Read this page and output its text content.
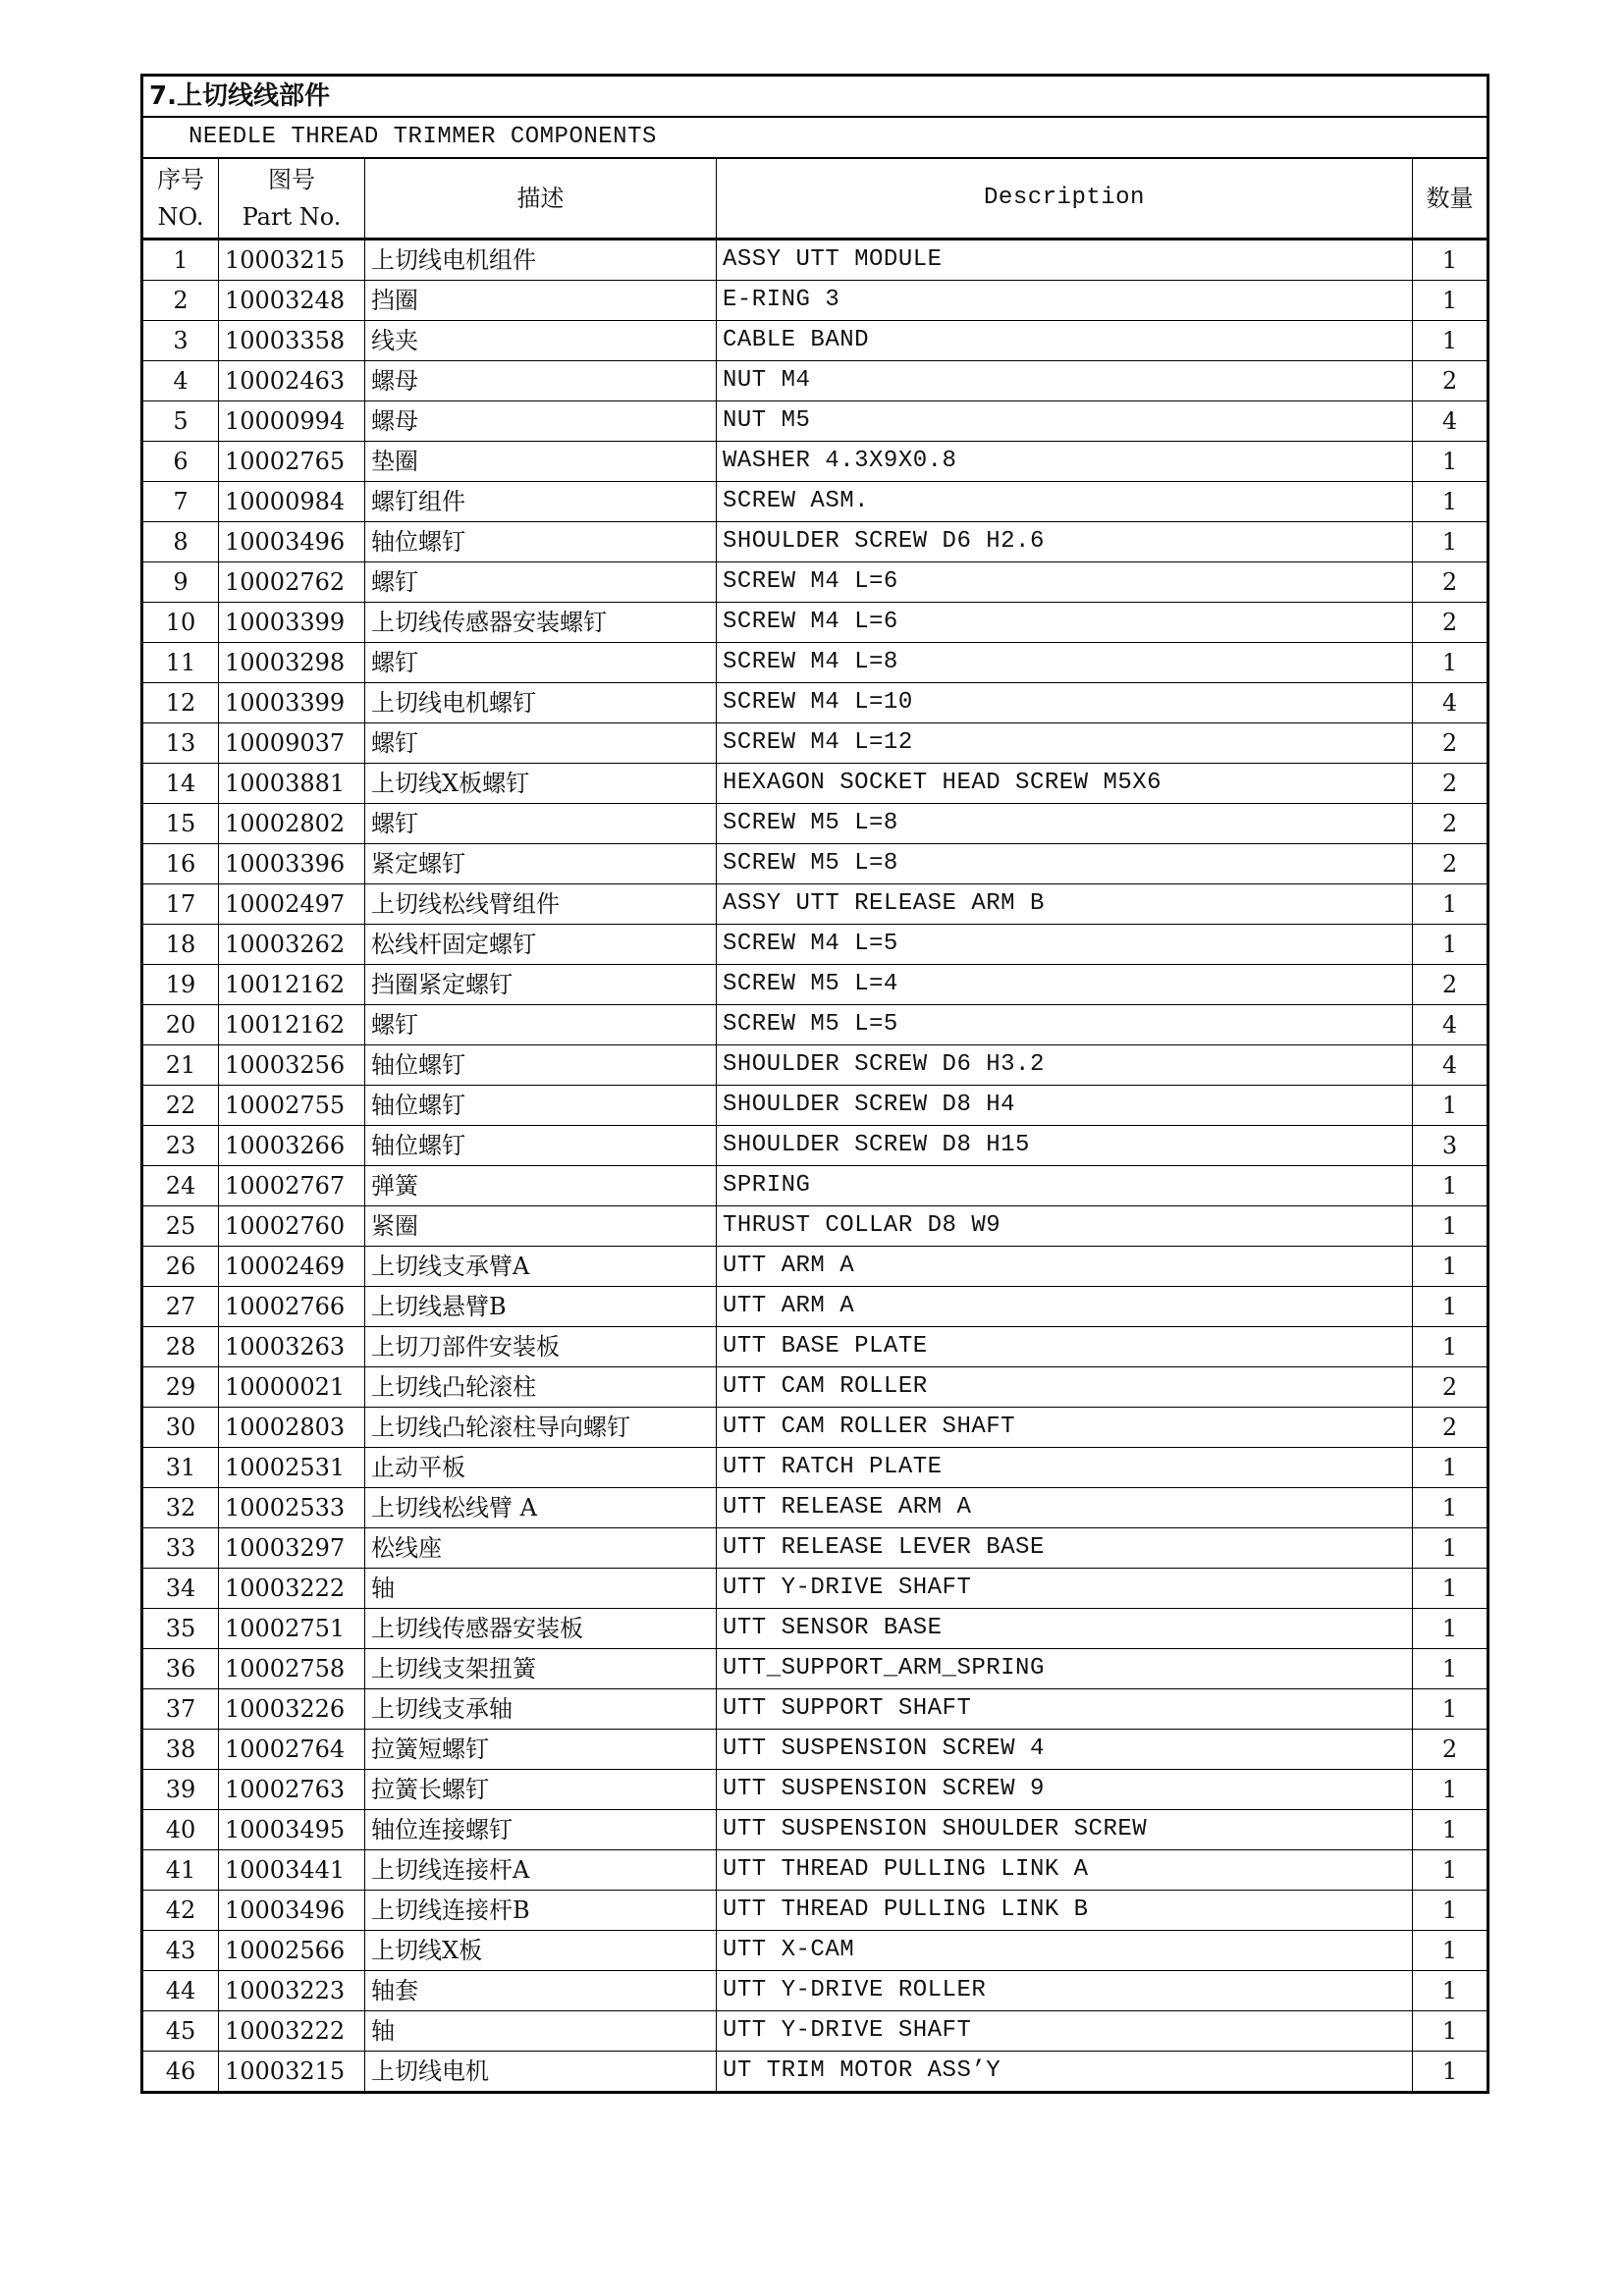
7.上切线线部件				
NEEDLE THREAD TRIMMER COMPONENTS				

序号
NO.	图号
Part No.	描述	Description	数量
1	10003215	上切线电机组件	ASSY UTT MODULE	1
2	10003248	挡圈	E-RING 3	1
3	10003358	线夹	CABLE BAND	1
4	10002463	螺母	NUT M4	2
5	10000994	螺母	NUT M5	4
6	10002765	垫圈	WASHER 4.3X9X0.8	1
7	10000984	螺钉组件	SCREW ASM.	1
8	10003496	轴位螺钉	SHOULDER SCREW D6 H2.6	1
9	10002762	螺钉	SCREW M4 L=6	2
10	10003399	上切线传感器安装螺钉	SCREW M4 L=6	2
11	10003298	螺钉	SCREW M4 L=8	1
12	10003399	上切线电机螺钉	SCREW M4 L=10	4
13	10009037	螺钉	SCREW M4 L=12	2
14	10003881	上切线X板螺钉	HEXAGON SOCKET HEAD SCREW M5X6	2
15	10002802	螺钉	SCREW M5 L=8	2
16	10003396	紧定螺钉	SCREW M5 L=8	2
17	10002497	上切线松线臂组件	ASSY UTT RELEASE ARM B	1
18	10003262	松线杆固定螺钉	SCREW M4 L=5	1
19	10012162	挡圈紧定螺钉	SCREW M5 L=4	2
20	10012162	螺钉	SCREW M5 L=5	4
21	10003256	轴位螺钉	SHOULDER SCREW D6 H3.2	4
22	10002755	轴位螺钉	SHOULDER SCREW D8 H4	1
23	10003266	轴位螺钉	SHOULDER SCREW D8 H15	3
24	10002767	弹簧	SPRING	1
25	10002760	紧圈	THRUST COLLAR D8 W9	1
26	10002469	上切线支承臂A	UTT ARM A	1
27	10002766	上切线悬臂B	UTT ARM A	1
28	10003263	上切刀部件安装板	UTT BASE PLATE	1
29	10000021	上切线凸轮滚柱	UTT CAM ROLLER	2
30	10002803	上切线凸轮滚柱导向螺钉	UTT CAM ROLLER SHAFT	2
31	10002531	止动平板	UTT RATCH PLATE	1
32	10002533	上切线松线臂 A	UTT RELEASE ARM A	1
33	10003297	松线座	UTT RELEASE LEVER BASE	1
34	10003222	轴	UTT Y-DRIVE SHAFT	1
35	10002751	上切线传感器安装板	UTT SENSOR BASE	1
36	10002758	上切线支架扭簧	UTT_SUPPORT_ARM_SPRING	1
37	10003226	上切线支承轴	UTT SUPPORT SHAFT	1
38	10002764	拉簧短螺钉	UTT SUSPENSION SCREW 4	2
39	10002763	拉簧长螺钉	UTT SUSPENSION SCREW 9	1
40	10003495	轴位连接螺钉	UTT SUSPENSION SHOULDER SCREW	1
41	10003441	上切线连接杆A	UTT THREAD PULLING LINK A	1
42	10003496	上切线连接杆B	UTT THREAD PULLING LINK B	1
43	10002566	上切线X板	UTT X-CAM	1
44	10003223	轴套	UTT Y-DRIVE ROLLER	1
45	10003222	轴	UTT Y-DRIVE SHAFT	1
46	10003215	上切线电机	UT TRIM MOTOR ASS’Y	1
